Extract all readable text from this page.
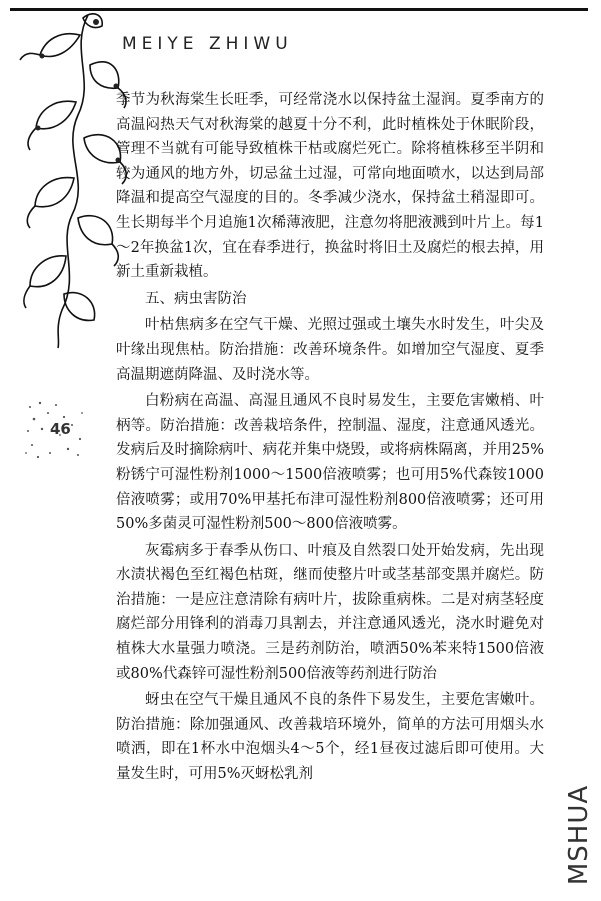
MEIYE ZHIWU
46

季节为秋海棠生长旺季，可经常浇水以保持盆土湿润。夏季南方的高温闷热天气对秋海棠的越夏十分不利，此时植株处于休眠阶段，管理不当就有可能导致植株干枯或腐烂死亡。除将植株移至半阴和较为通风的地方外，切忌盆土过湿，可常向地面喷水，以达到局部降温和提高空气湿度的目的。冬季减少浇水，保持盆土稍湿即可。生长期每半个月追施1次稀薄液肥，注意勿将肥液溅到叶片上。每1～2年换盆1次，宜在春季进行，换盆时将旧土及腐烂的根去掉，用新土重新栽植。

五、病虫害防治

叶枯焦病多在空气干燥、光照过强或土壤失水时发生，叶尖及叶缘出现焦枯。防治措施：改善环境条件。如增加空气湿度、夏季高温期遮荫降温、及时浇水等。

白粉病在高温、高湿且通风不良时易发生，主要危害嫩梢、叶柄等。防治措施：改善栽培条件，控制温、湿度，注意通风透光。发病后及时摘除病叶、病花并集中烧毁，或将病株隔离，并用25%粉锈宁可湿性粉剂1000～1500倍液喷雾；也可用5%代森铵1000倍液喷雾；或用70%甲基托布津可湿性粉剂800倍液喷雾；还可用50%多菌灵可湿性粉剂500～800倍液喷雾。

灰霉病多于春季从伤口、叶痕及自然裂口处开始发病，先出现水渍状褐色至红褐色枯斑，继而使整片叶或茎基部变黑并腐烂。防治措施：一是应注意清除有病叶片，拔除重病株。二是对病茎轻度腐烂部分用锋利的消毒刀具割去，并注意通风透光，浇水时避免对植株大水量强力喷浇。三是药剂防治，喷洒50%苯来特1500倍液或80%代森锌可湿性粉剂500倍液等药剂进行防治

蚜虫在空气干燥且通风不良的条件下易发生，主要危害嫩叶。防治措施：除加强通风、改善栽培环境外，简单的方法可用烟头水喷洒，即在1杯水中泡烟头4～5个，经1昼夜过滤后即可使用。大量发生时，可用5%灭蚜松乳剂

MSHUA
